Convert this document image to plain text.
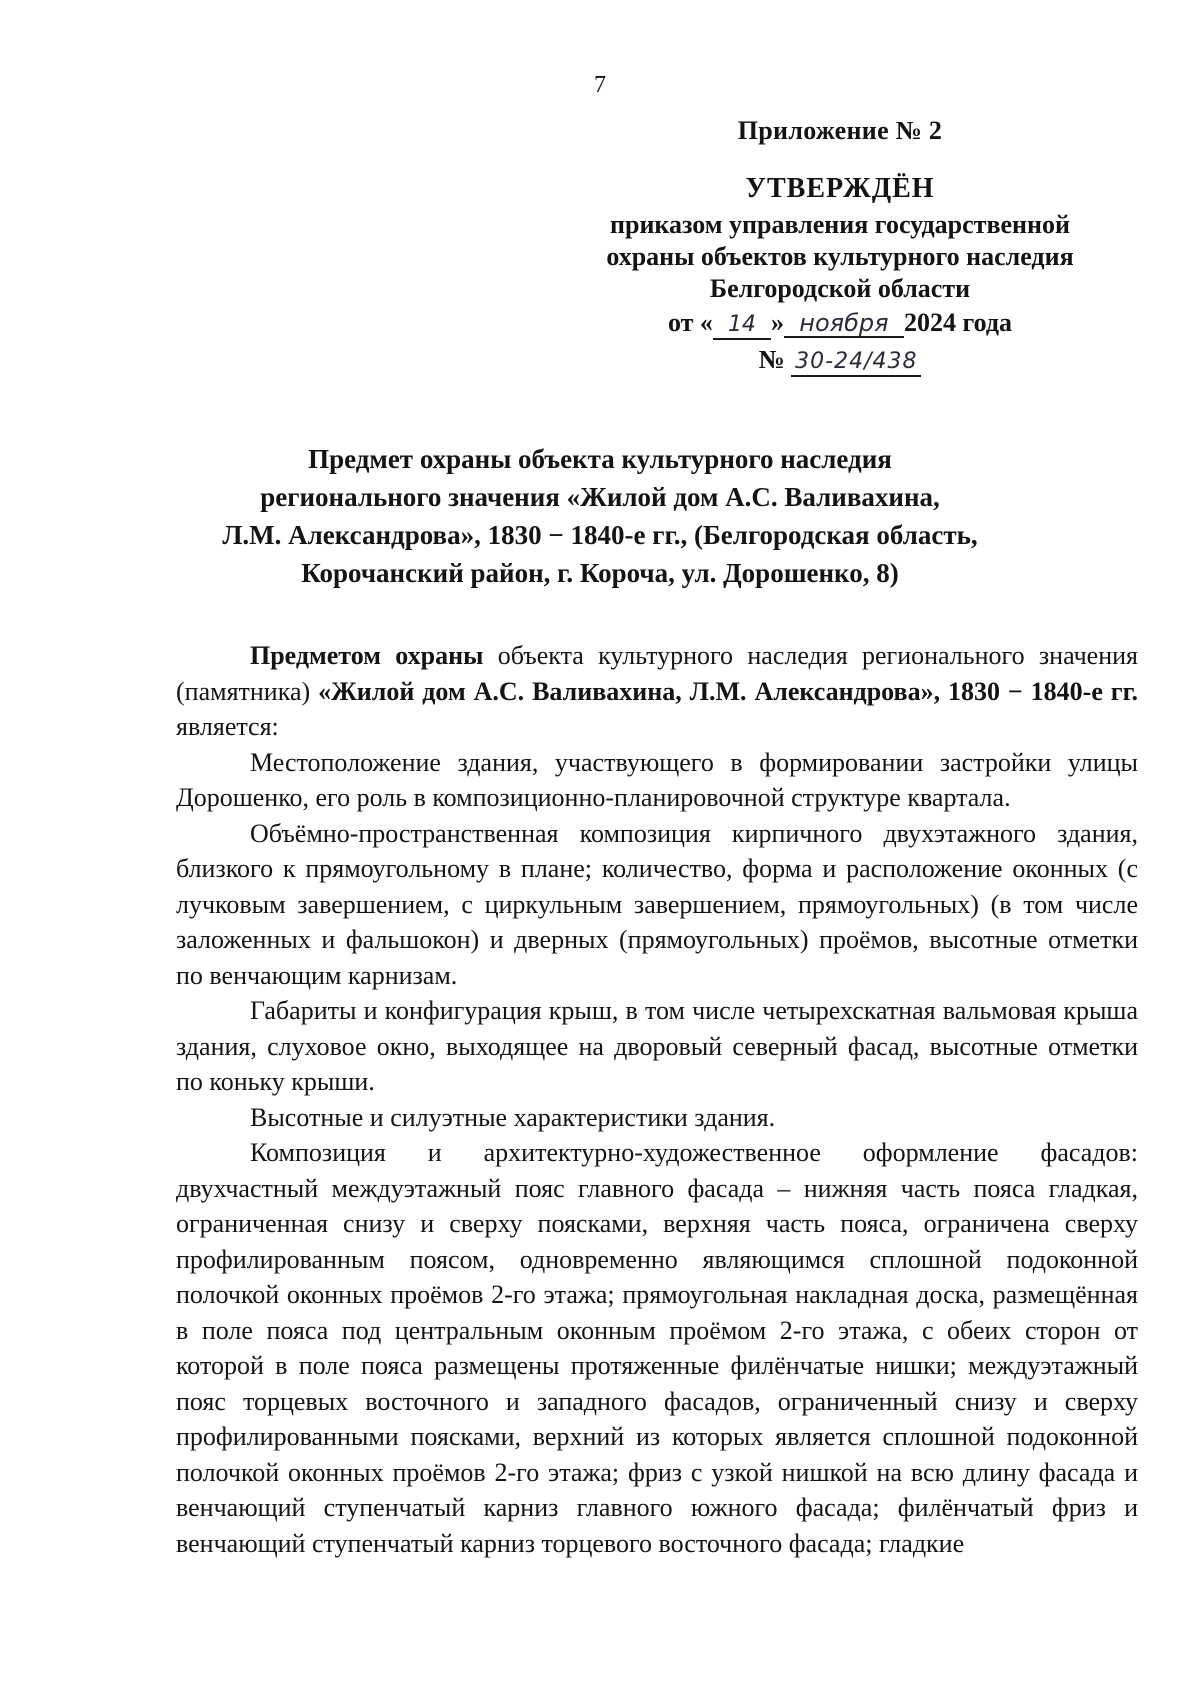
7
Приложение № 2
УТВЕРЖДЁН
приказом управления государственной
охраны объектов культурного наследия
Белгородской области
от « 14 » ноября 2024 года
№ 30-24/438
Предмет охраны объекта культурного наследия
регионального значения «Жилой дом А.С. Валивахина,
Л.М. Александрова», 1830 − 1840-е гг., (Белгородская область,
Корочанский район, г. Короча, ул. Дорошенко, 8)

Предметом охраны объекта культурного наследия регионального значения (памятника) «Жилой дом А.С. Валивахина, Л.М. Александрова», 1830 − 1840-е гг. является:

Местоположение здания, участвующего в формировании застройки улицы Дорошенко, его роль в композиционно-планировочной структуре квартала.

Объёмно-пространственная композиция кирпичного двухэтажного здания, близкого к прямоугольному в плане; количество, форма и расположение оконных (с лучковым завершением, с циркульным завершением, прямоугольных) (в том числе заложенных и фальшокон) и дверных (прямоугольных) проёмов, высотные отметки по венчающим карнизам.

Габариты и конфигурация крыш, в том числе четырехскатная вальмовая крыша здания, слуховое окно, выходящее на дворовый северный фасад, высотные отметки по коньку крыши.

Высотные и силуэтные характеристики здания.

Композиция и архитектурно-художественное оформление фасадов: двухчастный междуэтажный пояс главного фасада – нижняя часть пояса гладкая, ограниченная снизу и сверху поясками, верхняя часть пояса, ограничена сверху профилированным поясом, одновременно являющимся сплошной подоконной полочкой оконных проёмов 2-го этажа; прямоугольная накладная доска, размещённая в поле пояса под центральным оконным проёмом 2-го этажа, с обеих сторон от которой в поле пояса размещены протяженные филёнчатые нишки; междуэтажный пояс торцевых восточного и западного фасадов, ограниченный снизу и сверху профилированными поясками, верхний из которых является сплошной подоконной полочкой оконных проёмов 2-го этажа; фриз с узкой нишкой на всю длину фасада и венчающий ступенчатый карниз главного южного фасада; филёнчатый фриз и венчающий ступенчатый карниз торцевого восточного фасада; гладкие
